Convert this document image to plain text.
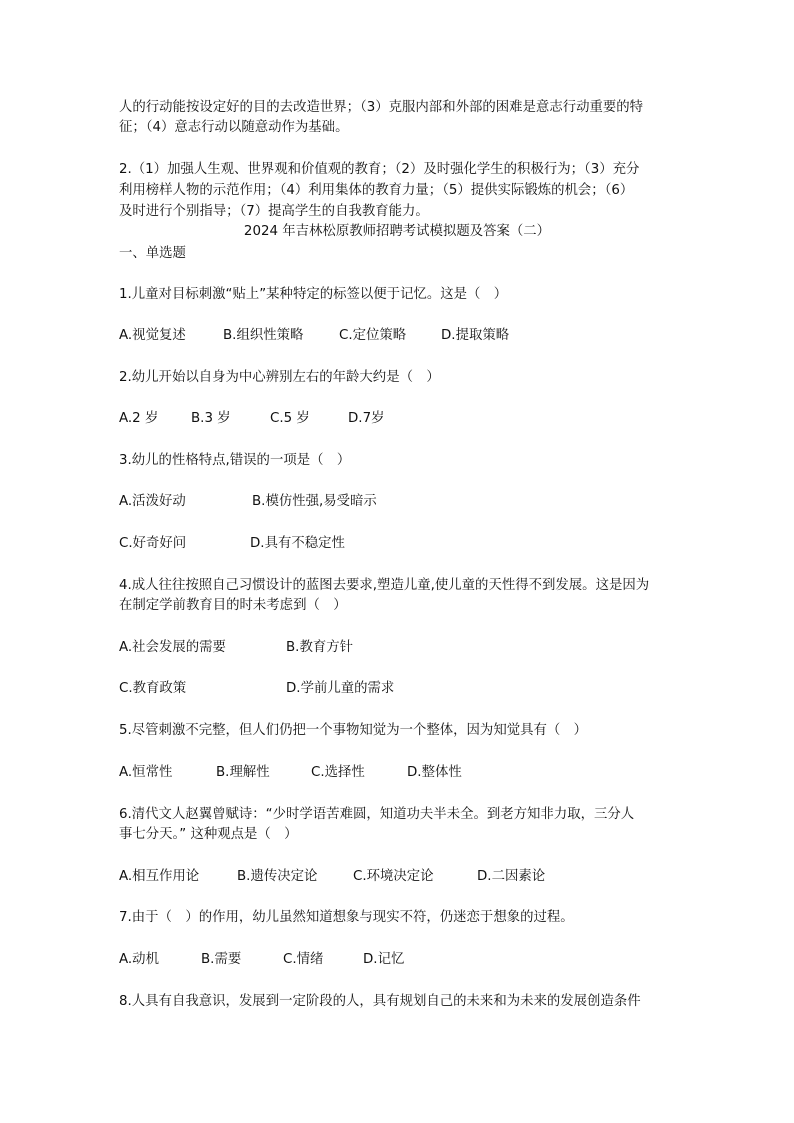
人的行动能按设定好的目的去改造世界；（3）克服内部和外部的困难是意志行动重要的特
征；（4）意志行动以随意动作为基础。
2.（1）加强人生观、世界观和价值观的教育；（2）及时强化学生的积极行为；（3）充分
利用榜样人物的示范作用；（4）利用集体的教育力量；（5）提供实际锻炼的机会；（6）
及时进行个别指导；（7）提高学生的自我教育能力。
2024 年吉林松原教师招聘考试模拟题及答案（二）
一、单选题
1.儿童对目标刺激“贴上”某种特定的标签以便于记忆。这是（　）
A.视觉复述	B.组织性策略	C.定位策略	D.提取策略
2.幼儿开始以自身为中心辨别左右的年龄大约是（　）
A.2 岁 B.3 岁	C.5 岁	D.7岁
3.幼儿的性格特点,错误的一项是（　）
A.活泼好动	B.模仿性强,易受暗示
C.好奇好问	D.具有不稳定性
4.成人往往按照自己习惯设计的蓝图去要求,塑造儿童,使儿童的天性得不到发展。这是因为
在制定学前教育目的时未考虑到（　）
A.社会发展的需要	B.教育方针
C.教育政策	D.学前儿童的需求
5.尽管刺激不完整，但人们仍把一个事物知觉为一个整体，因为知觉具有（　）
A.恒常性	B.理解性	C.选择性	D.整体性
6.清代文人赵翼曾赋诗：“少时学语苦难圆，知道功夫半未全。到老方知非力取，三分人
事七分天。” 这种观点是（　）
A.相互作用论	B.遗传决定论	C.环境决定论	D.二因素论
7.由于（　）的作用，幼儿虽然知道想象与现实不符，仍迷恋于想象的过程。
A.动机	B.需要	C.情绪	D.记忆
8.人具有自我意识，发展到一定阶段的人，具有规划自己的未来和为未来的发展创造条件
